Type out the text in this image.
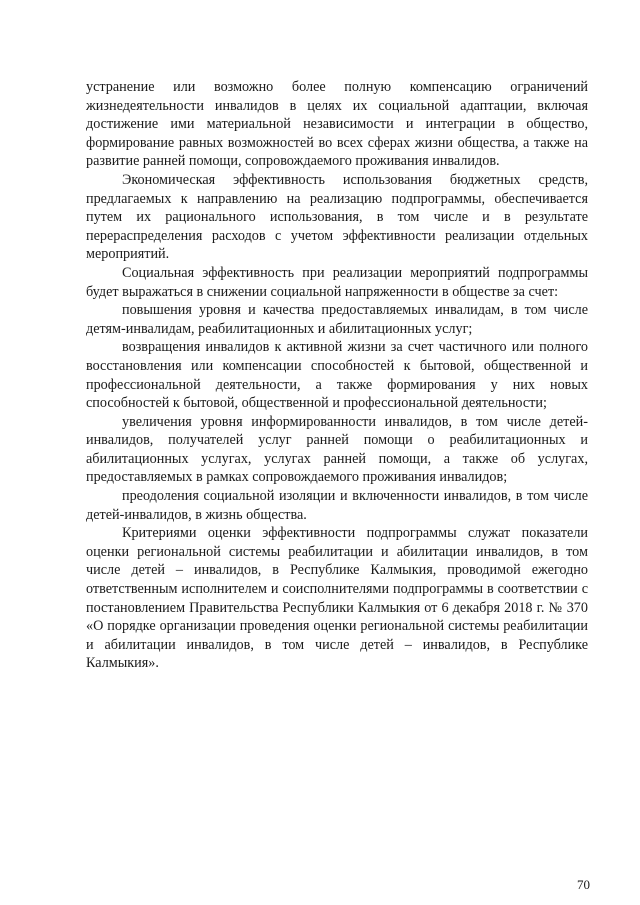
устранение или возможно более полную компенсацию ограничений жизнедеятельности инвалидов в целях их социальной адаптации, включая достижение ими материальной независимости и интеграции в общество, формирование равных возможностей во всех сферах жизни общества, а также на развитие ранней помощи, сопровождаемого проживания инвалидов.

Экономическая эффективность использования бюджетных средств, предлагаемых к направлению на реализацию подпрограммы, обеспечивается путем их рационального использования, в том числе и в результате перераспределения расходов с учетом эффективности реализации отдельных мероприятий.

Социальная эффективность при реализации мероприятий подпрограммы будет выражаться в снижении социальной напряженности в обществе за счет:

повышения уровня и качества предоставляемых инвалидам, в том числе детям-инвалидам, реабилитационных и абилитационных услуг;

возвращения инвалидов к активной жизни за счет частичного или полного восстановления или компенсации способностей к бытовой, общественной и профессиональной деятельности, а также формирования у них новых способностей к бытовой, общественной и профессиональной деятельности;

увеличения уровня информированности инвалидов, в том числе детей-инвалидов, получателей услуг ранней помощи о реабилитационных и абилитационных услугах, услугах ранней помощи, а также об услугах, предоставляемых в рамках сопровождаемого проживания инвалидов;

преодоления социальной изоляции и включенности инвалидов, в том числе детей-инвалидов, в жизнь общества.

Критериями оценки эффективности подпрограммы служат показатели оценки региональной системы реабилитации и абилитации инвалидов, в том числе детей – инвалидов, в Республике Калмыкия, проводимой ежегодно ответственным исполнителем и соисполнителями подпрограммы в соответствии с постановлением Правительства Республики Калмыкия от 6 декабря 2018 г. № 370 «О порядке организации проведения оценки региональной системы реабилитации и абилитации инвалидов, в том числе детей – инвалидов, в Республике Калмыкия».

70
